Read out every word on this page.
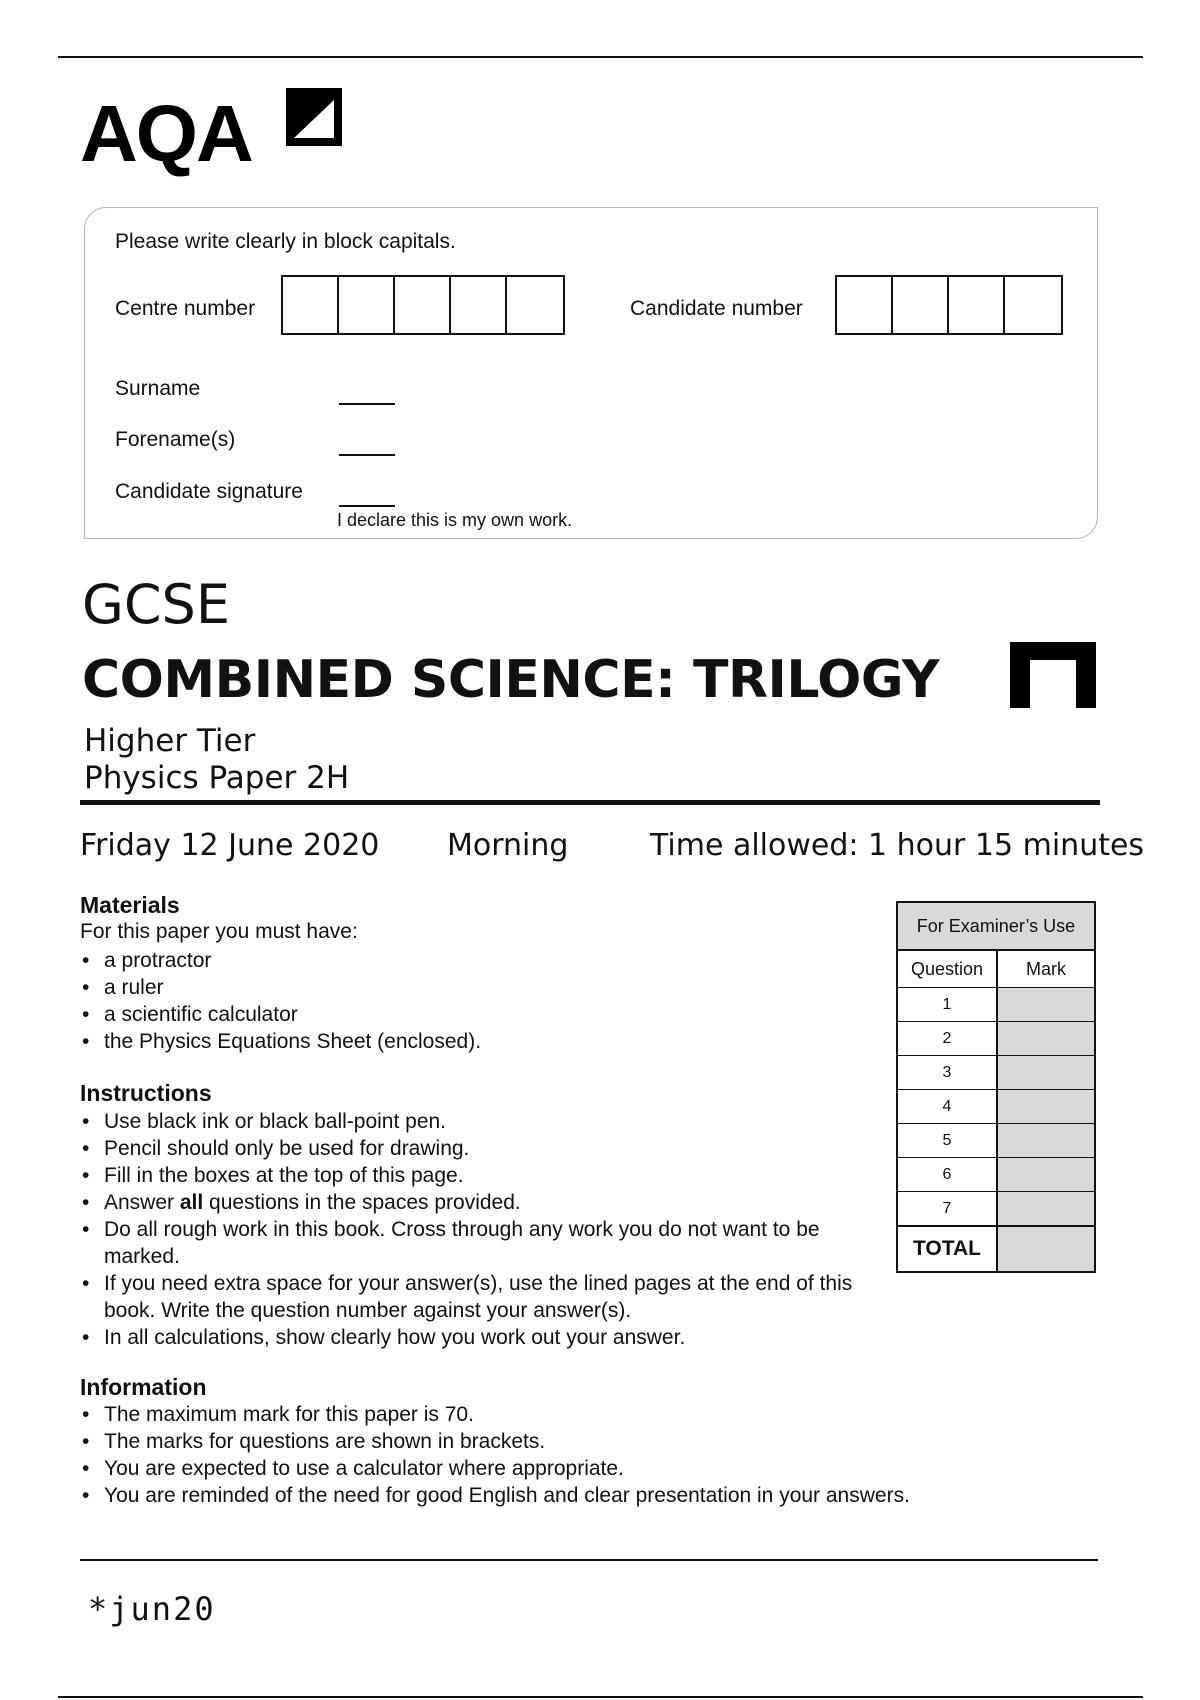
AQA
Please write clearly in block capitals.
Centre number	Candidate number
Surname
Forename(s)
Candidate signature
I declare this is my own work.
GCSE
COMBINED SCIENCE: TRILOGY
Higher Tier
Physics Paper 2H
Friday 12 June 2020 Morning	Time allowed: 1 hour 15 minutes
Materials
For this paper you must have:
• a protractor
• a ruler
• a scientific calculator
• the Physics Equations Sheet (enclosed).
Instructions
• Use black ink or black ball-point pen.
• Pencil should only be used for drawing.
• Fill in the boxes at the top of this page.
• Answer all questions in the spaces provided.
• Do all rough work in this book. Cross through any work you do not want to be marked.
• If you need extra space for your answer(s), use the lined pages at the end of this book. Write the question number against your answer(s).
• In all calculations, show clearly how you work out your answer.
Information
• The maximum mark for this paper is 70.
• The marks for questions are shown in brackets.
• You are expected to use a calculator where appropriate.
• You are reminded of the need for good English and clear presentation in your answers.
For Examiner’s Use
Question	Mark
1
2
3
4
5
6
7
TOTAL
*jun20
